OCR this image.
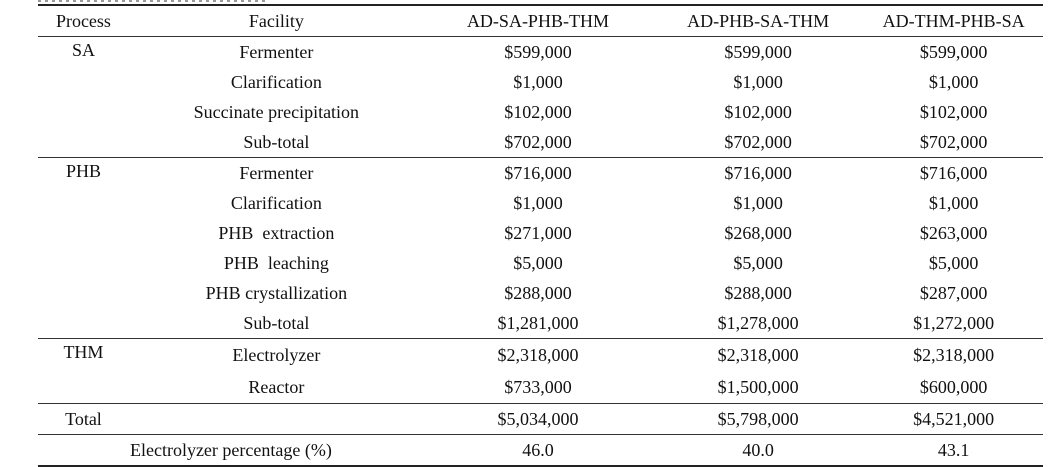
Process	Facility	AD-SA-PHB-THM	AD-PHB-SA-THM	AD-THM-PHB-SA
SA	Fermenter	$599,000	$599,000	$599,000
	Clarification	$1,000	$1,000	$1,000
	Succinate precipitation	$102,000	$102,000	$102,000
	Sub-total	$702,000	$702,000	$702,000
PHB	Fermenter	$716,000	$716,000	$716,000
	Clarification	$1,000	$1,000	$1,000
	PHB  extraction	$271,000	$268,000	$263,000
	PHB  leaching	$5,000	$5,000	$5,000
	PHB crystallization	$288,000	$288,000	$287,000
	Sub-total	$1,281,000	$1,278,000	$1,272,000
THM	Electrolyzer	$2,318,000	$2,318,000	$2,318,000
	Reactor	$733,000	$1,500,000	$600,000
Total		$5,034,000	$5,798,000	$4,521,000
Electrolyzer percentage (%)		46.0	40.0	43.1
